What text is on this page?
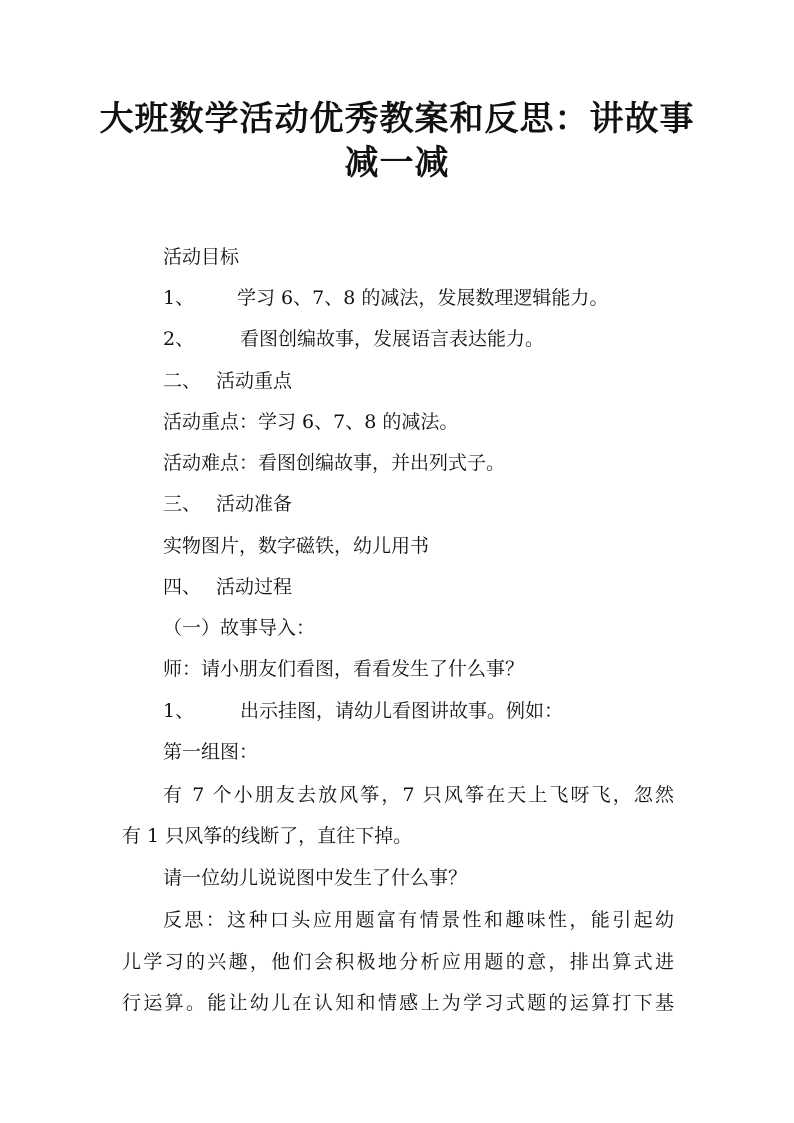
大班数学活动优秀教案和反思：讲故事
减一减
活动目标
1、 学习 6、7、8 的减法，发展数理逻辑能力。
2、 看图创编故事，发展语言表达能力。
二、 活动重点
活动重点：学习 6、7、8 的减法。
活动难点：看图创编故事，并出列式子。
三、 活动准备
实物图片，数字磁铁，幼儿用书
四、 活动过程
（一）故事导入：
师：请小朋友们看图，看看发生了什么事？
1、 出示挂图，请幼儿看图讲故事。例如：
第一组图：
有 7 个小朋友去放风筝，7 只风筝在天上飞呀飞，忽然
有 1 只风筝的线断了，直往下掉。
请一位幼儿说说图中发生了什么事？
反思：这种口头应用题富有情景性和趣味性，能引起幼
儿学习的兴趣，他们会积极地分析应用题的意，排出算式进
行运算。能让幼儿在认知和情感上为学习式题的运算打下基
